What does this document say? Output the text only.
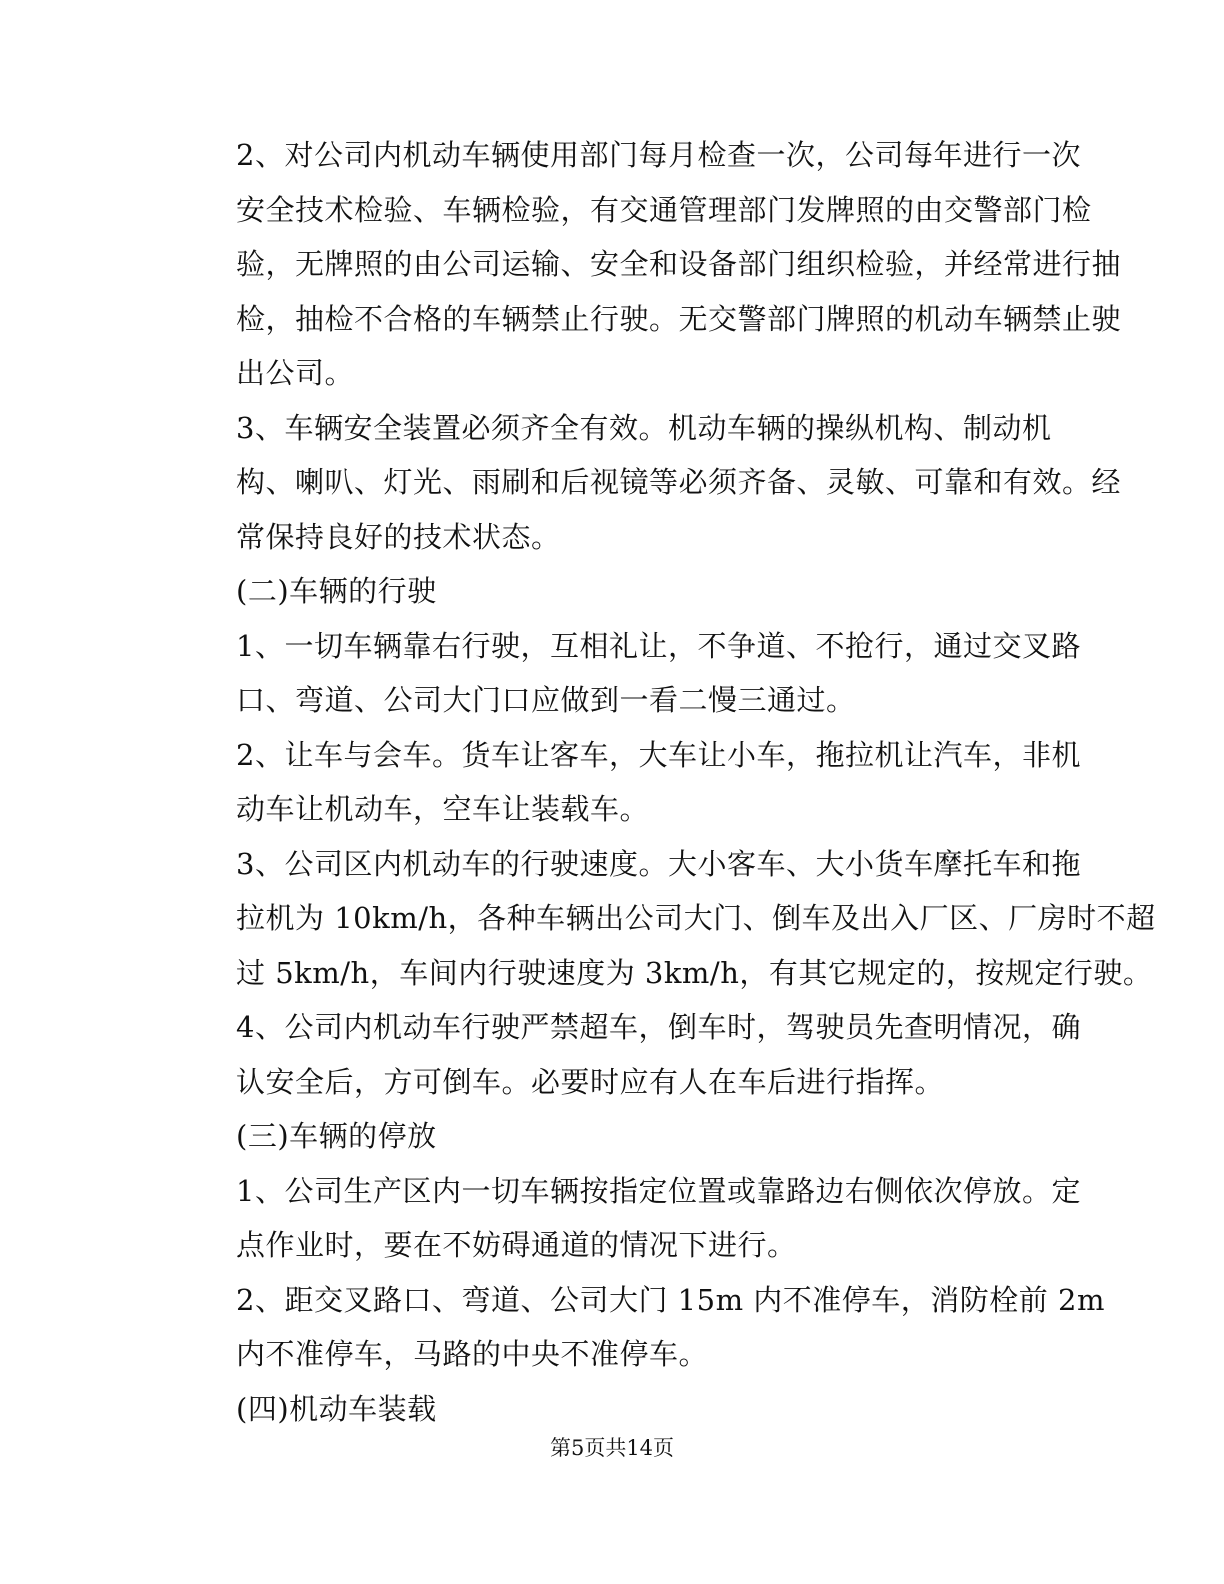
2、对公司内机动车辆使用部门每月检查一次，公司每年进行一次
安全技术检验、车辆检验，有交通管理部门发牌照的由交警部门检
验，无牌照的由公司运输、安全和设备部门组织检验，并经常进行抽
检，抽检不合格的车辆禁止行驶。无交警部门牌照的机动车辆禁止驶
出公司。

3、车辆安全装置必须齐全有效。机动车辆的操纵机构、制动机
构、喇叭、灯光、雨刷和后视镜等必须齐备、灵敏、可靠和有效。经
常保持良好的技术状态。

(二)车辆的行驶

1、一切车辆靠右行驶，互相礼让，不争道、不抢行，通过交叉路
口、弯道、公司大门口应做到一看二慢三通过。

2、让车与会车。货车让客车，大车让小车，拖拉机让汽车，非机
动车让机动车，空车让装载车。

3、公司区内机动车的行驶速度。大小客车、大小货车摩托车和拖
拉机为 10km/h，各种车辆出公司大门、倒车及出入厂区、厂房时不超
过 5km/h，车间内行驶速度为 3km/h，有其它规定的，按规定行驶。

4、公司内机动车行驶严禁超车，倒车时，驾驶员先查明情况，确
认安全后，方可倒车。必要时应有人在车后进行指挥。

(三)车辆的停放

1、公司生产区内一切车辆按指定位置或靠路边右侧依次停放。定
点作业时，要在不妨碍通道的情况下进行。

2、距交叉路口、弯道、公司大门 15m 内不准停车，消防栓前 2m
内不准停车，马路的中央不准停车。

(四)机动车装载

第5页共14页
